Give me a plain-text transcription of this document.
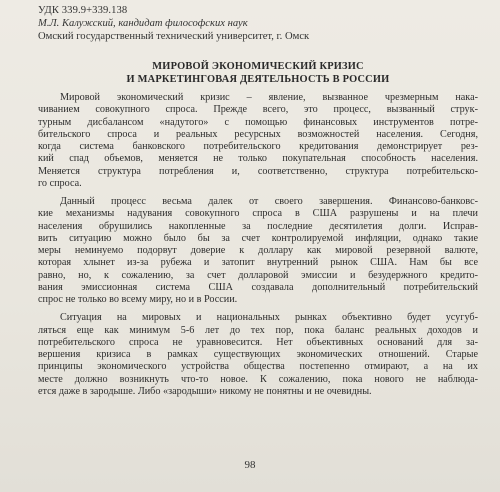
УДК 339.9+339.138
М.Л. Калужский, кандидат философских наук
Омский государственный технический университет, г. Омск
МИРОВОЙ ЭКОНОМИЧЕСКИЙ КРИЗИС
И МАРКЕТИНГОВАЯ ДЕЯТЕЛЬНОСТЬ В РОССИИ

Мировой экономический кризис – явление, вызванное чрезмерным нака-
чиванием совокупного спроса. Прежде всего, это процесс, вызванный струк-
турным дисбалансом «надутого» с помощью финансовых инструментов потре-
бительского спроса и реальных ресурсных возможностей населения. Сегодня,
когда система банковского потребительского кредитования демонстрирует рез-
кий спад объемов, меняется не только покупательная способность населения.
Меняется структура потребления и, соответственно, структура потребительско-
го спроса.

Данный процесс весьма далек от своего завершения. Финансово-банковс-
кие механизмы надувания совокупного спроса в США разрушены и на плечи
населения обрушились накопленные за последние десятилетия долги. Исправ-
вить ситуацию можно было бы за счет контролируемой инфляции, однако такие
меры неминуемо подорвут доверие к доллару как мировой резервной валюте,
которая хлынет из-за рубежа и затопит внутренний рынок США. Нам бы все
равно, но, к сожалению, за счет долларовой эмиссии и безудержного кредито-
вания эмиссионная система США создавала дополнительный потребительский
спрос не только во всему миру, но и в России.

Ситуация на мировых и национальных рынках объективно будет усугуб-
ляться еще как минимум 5-6 лет до тех пор, пока баланс реальных доходов и
потребительского спроса не уравновесится. Нет объективных оснований для за-
вершения кризиса в рамках существующих экономических отношений. Старые
принципы экономического устройства общества постепенно отмирают, а на их
месте должно возникнуть что-то новое. К сожалению, пока нового не наблюда-
ется даже в зародыше. Либо «зародыши» никому не понятны и не очевидны.

98
